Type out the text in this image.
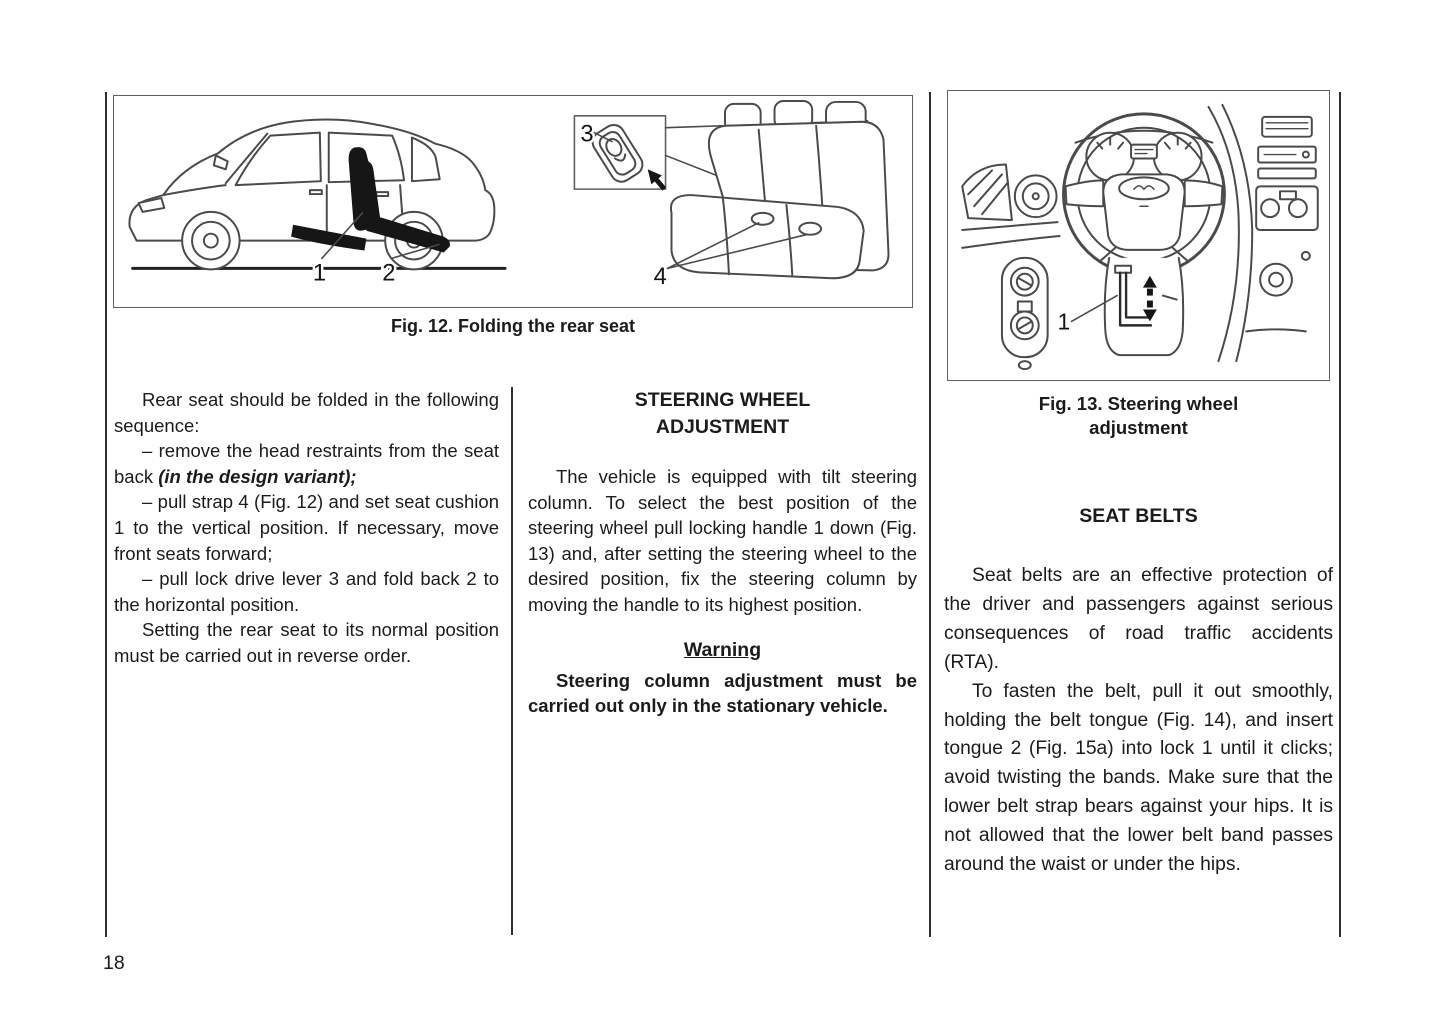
1 2
3
4
Fig. 12. Folding the rear seat

Rear seat should be folded in the following sequence:

– remove the head restraints from the seat back (in the design variant);

– pull strap 4 (Fig. 12) and set seat cushion 1 to the vertical position. If necessary, move front seats forward;

– pull lock drive lever 3 and fold back 2 to the horizontal position.

Setting the rear seat to its normal position must be carried out in reverse order.

STEERING WHEEL
ADJUSTMENT

The vehicle is equipped with tilt steering column. To select the best position of the steering wheel pull locking handle 1 down (Fig. 13) and, after setting the steering wheel to the desired position, fix the steering column by moving the handle to its highest position.

Warning

Steering column adjustment must be carried out only in the stationary vehicle.

1
Fig. 13. Steering wheel
adjustment
SEAT BELTS

Seat belts are an effective protection of the driver and passengers against serious consequences of road traffic accidents (RTA).

To fasten the belt, pull it out smoothly, holding the belt tongue (Fig. 14), and insert tongue 2 (Fig. 15a) into lock 1 until it clicks; avoid twisting the bands. Make sure that the lower belt strap bears against your hips. It is not allowed that the lower belt band passes around the waist or under the hips.

18
